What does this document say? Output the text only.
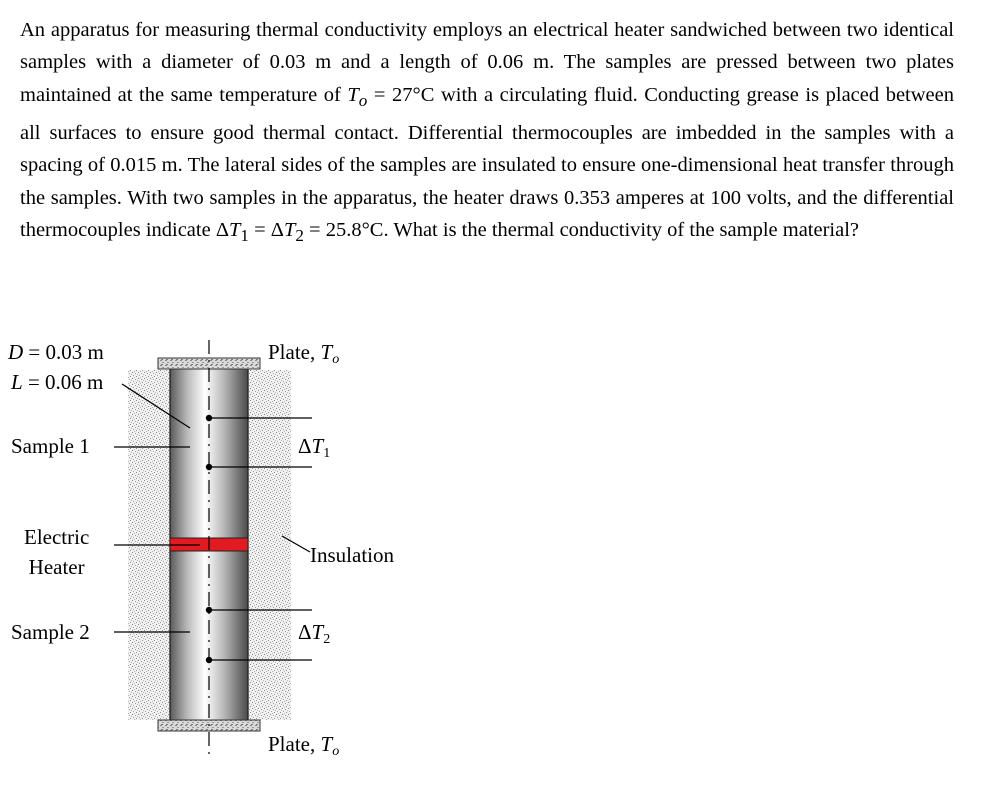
An apparatus for measuring thermal conductivity employs an electrical heater sandwiched between two identical samples with a diameter of 0.03 m and a length of 0.06 m. The samples are pressed between two plates maintained at the same temperature of $T_o = 27^\circ C$ with a circulating fluid. Conducting grease is placed between all surfaces to ensure good thermal contact. Differential thermocouples are imbedded in the samples with a spacing of 0.015 m. The lateral sides of the samples are insulated to ensure one-dimensional heat transfer through the samples. With two samples in the apparatus, the heater draws 0.353 amperes at 100 volts, and the differential thermocouples indicate $\Delta T_1 = \Delta T_2 = 25.8^\circ C$. What is the thermal conductivity of the sample material?

D = 0.03 m
L = 0.06 m
Sample 1
Electric
Heater
Sample 2
Plate, $T_o$
$\Delta T_1$
Insulation
$\Delta T_2$
Plate, $T_o$
